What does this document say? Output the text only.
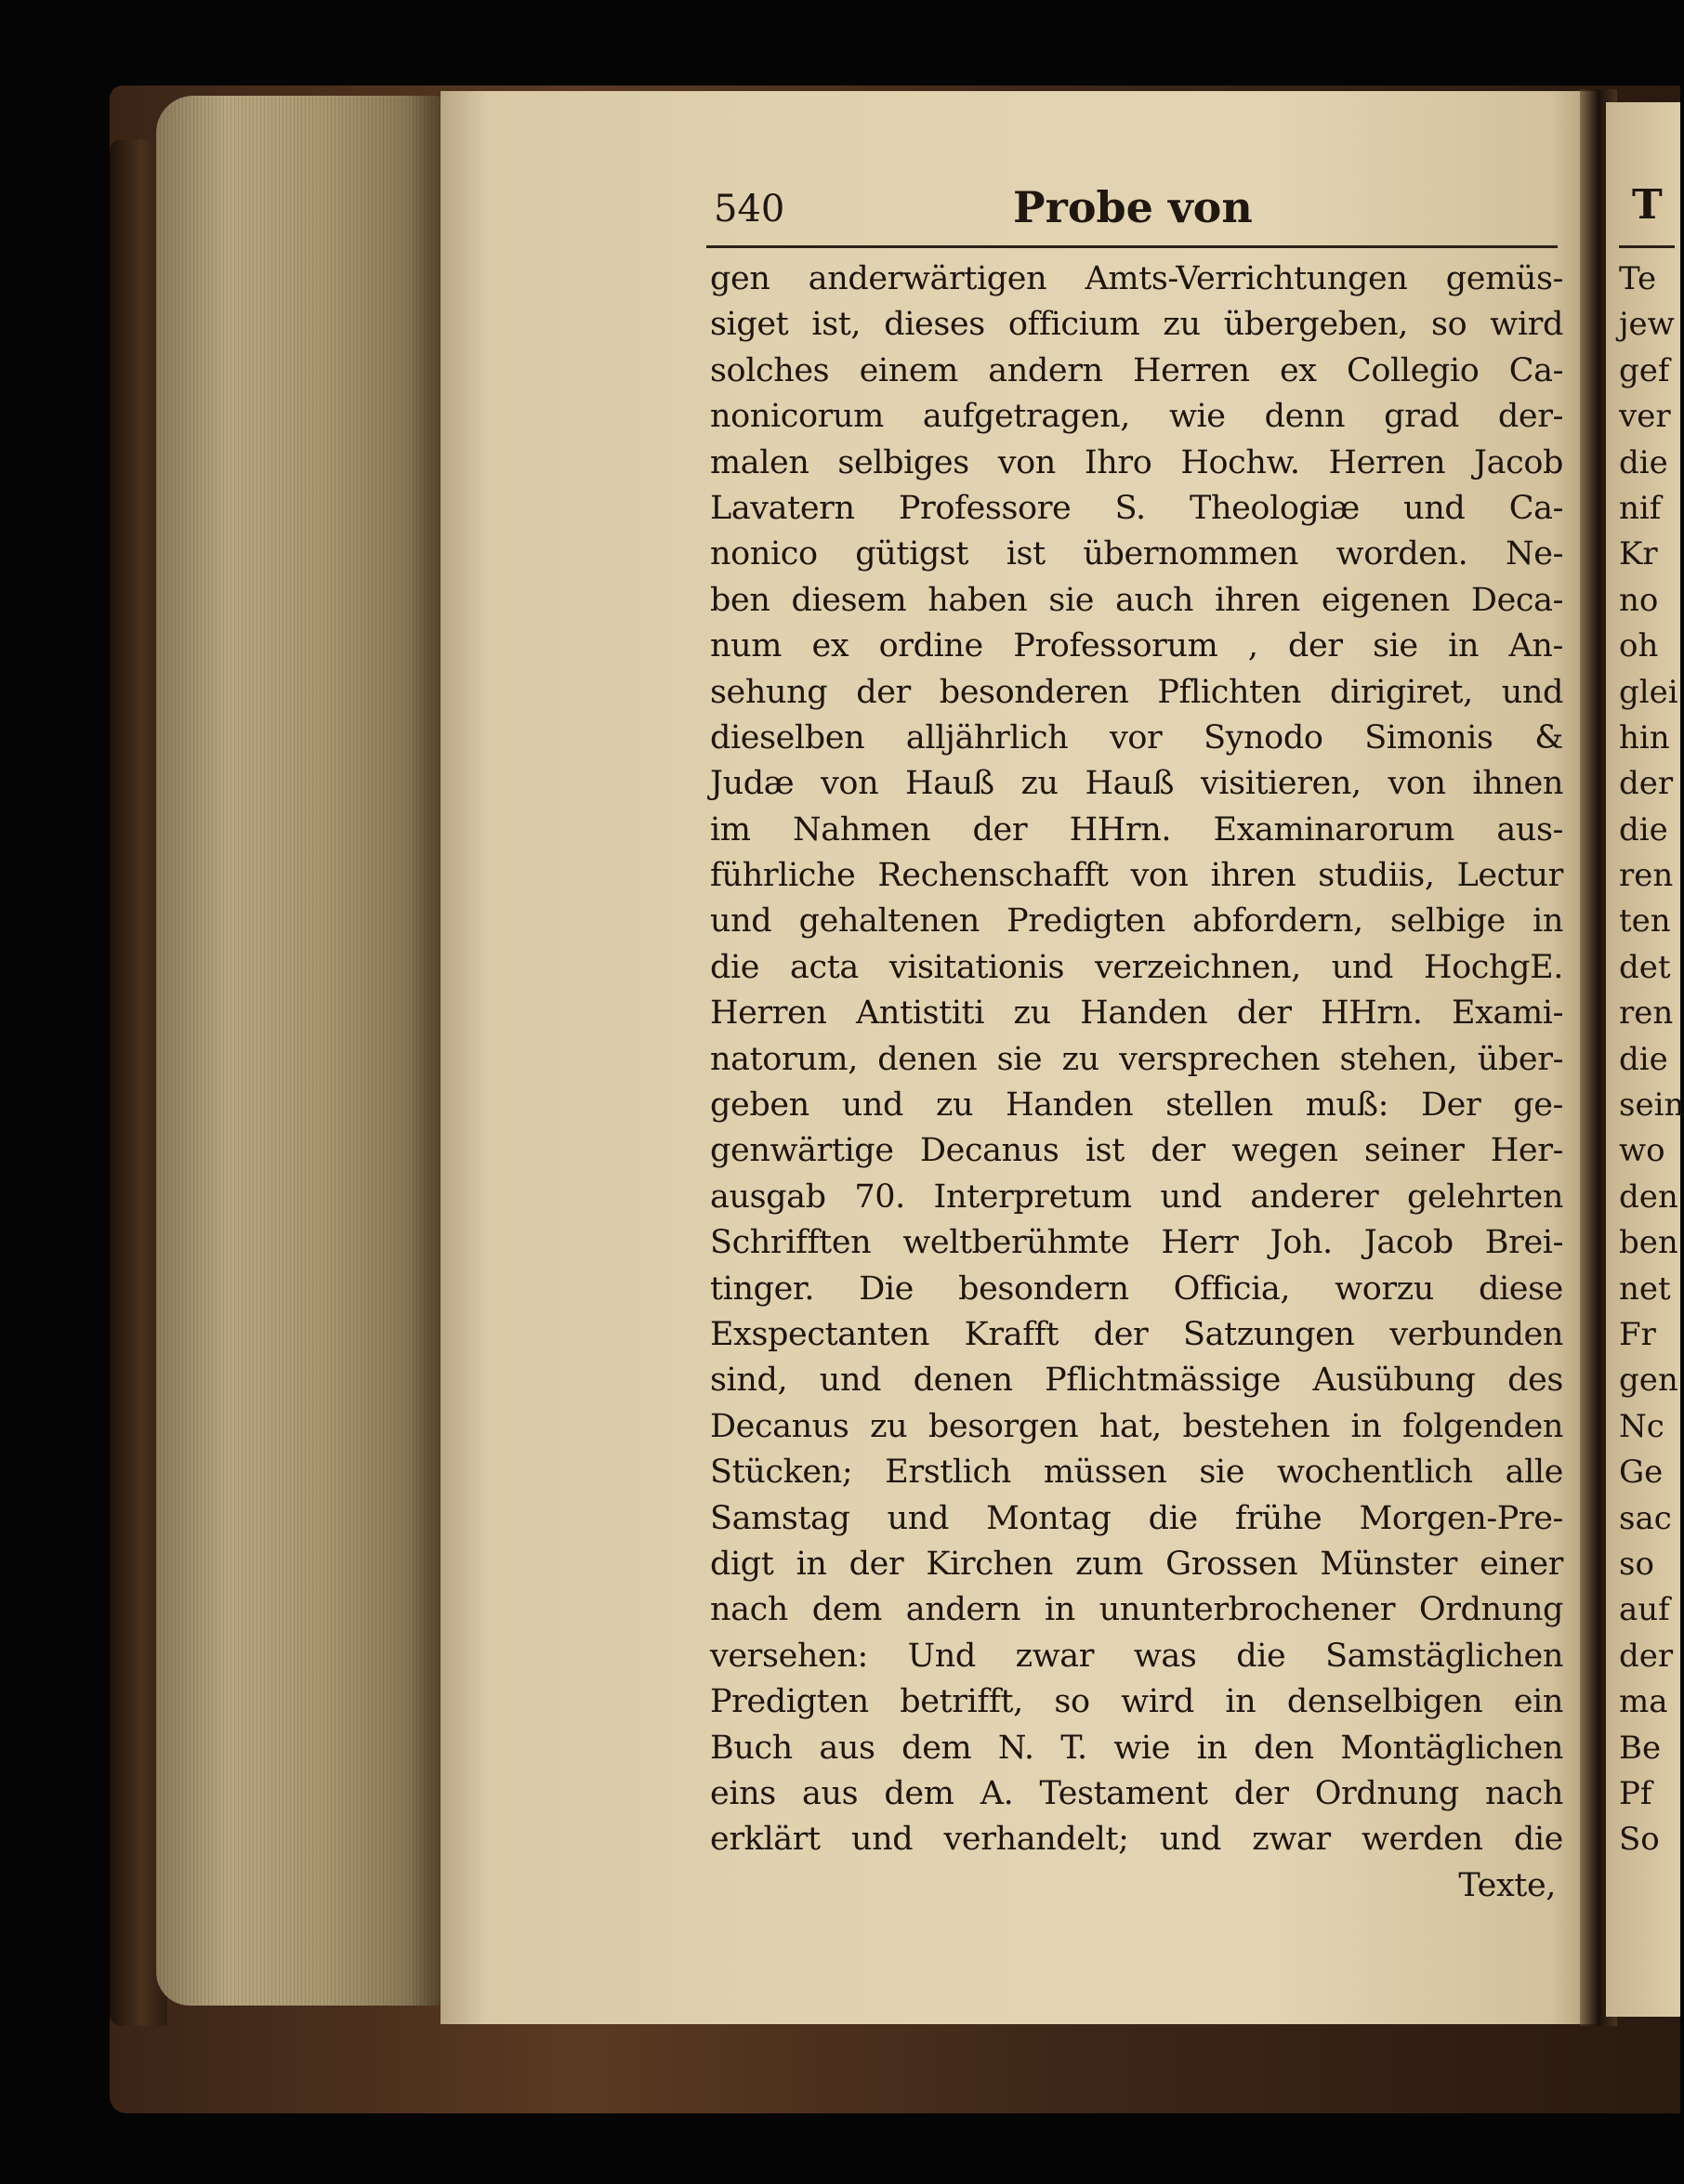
540	Probe von
gen anderwärtigen Amts-Verrichtungen gemüs-
siget ist, dieses officium zu übergeben, so wird
solches einem andern Herren ex Collegio Ca-
nonicorum aufgetragen, wie denn grad der-
malen selbiges von Ihro Hochw. Herren Jacob
Lavatern Professore S. Theologiæ und Ca-
nonico gütigst ist übernommen worden. Ne-
ben diesem haben sie auch ihren eigenen Deca-
num ex ordine Professorum , der sie in An-
sehung der besonderen Pflichten dirigiret, und
dieselben alljährlich vor Synodo Simonis &
Judæ von Hauß zu Hauß visitieren, von ihnen
im Nahmen der HHrn. Examinarorum aus-
führliche Rechenschafft von ihren studiis, Lectur
und gehaltenen Predigten abfordern, selbige in
die acta visitationis verzeichnen, und HochgE.
Herren Antistiti zu Handen der HHrn. Exami-
natorum, denen sie zu versprechen stehen, über-
geben und zu Handen stellen muß: Der ge-
genwärtige Decanus ist der wegen seiner Her-
ausgab 70. Interpretum und anderer gelehrten
Schrifften weltberühmte Herr Joh. Jacob Brei-
tinger. Die besondern Officia, worzu diese
Exspectanten Krafft der Satzungen verbunden
sind, und denen Pflichtmässige Ausübung des
Decanus zu besorgen hat, bestehen in folgenden
Stücken; Erstlich müssen sie wochentlich alle
Samstag und Montag die frühe Morgen-Pre-
digt in der Kirchen zum Grossen Münster einer
nach dem andern in ununterbrochener Ordnung
versehen: Und zwar was die Samstäglichen
Predigten betrifft, so wird in denselbigen ein
Buch aus dem N. T. wie in den Montäglichen
eins aus dem A. Testament der Ordnung nach
erklärt und verhandelt; und zwar werden die
Texte,
T
Te
jew
gef
ver
die
nif
Kr
no
oh
glei
hin
der
die
ren
ten
det
ren
die
sein
wo
den
ben
net
Fr
gen
Nc
Ge
sac
so
auf
der
ma
Be
Pf
So
